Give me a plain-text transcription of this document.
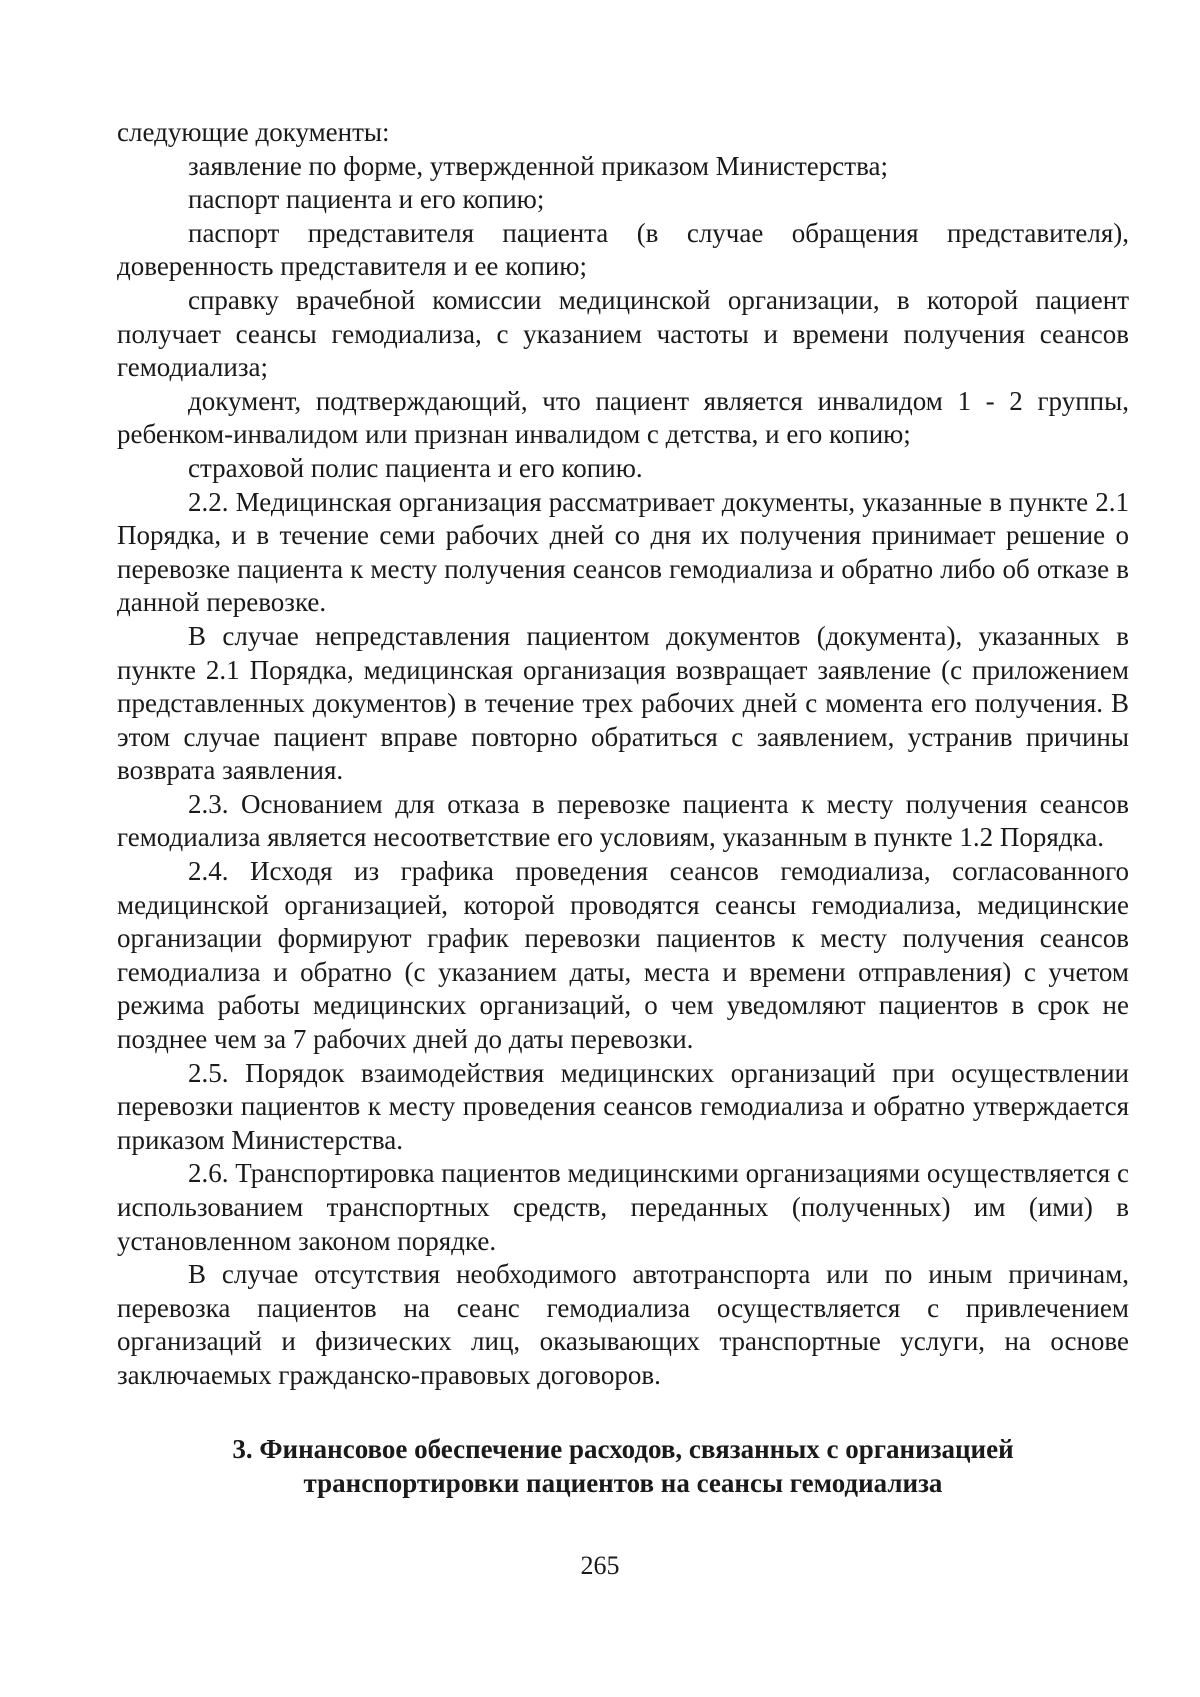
следующие документы:

заявление по форме, утвержденной приказом Министерства;

паспорт пациента и его копию;

паспорт представителя пациента (в случае обращения представителя), доверенность представителя и ее копию;

справку врачебной комиссии медицинской организации, в которой пациент получает сеансы гемодиализа, с указанием частоты и времени получения сеансов гемодиализа;

документ, подтверждающий, что пациент является инвалидом 1 - 2 группы, ребенком-инвалидом или признан инвалидом с детства, и его копию;

страховой полис пациента и его копию.

2.2. Медицинская организация рассматривает документы, указанные в пункте 2.1 Порядка, и в течение семи рабочих дней со дня их получения принимает решение о перевозке пациента к месту получения сеансов гемодиализа и обратно либо об отказе в данной перевозке.

В случае непредставления пациентом документов (документа), указанных в пункте 2.1 Порядка, медицинская организация возвращает заявление (с приложением представленных документов) в течение трех рабочих дней с момента его получения. В этом случае пациент вправе повторно обратиться с заявлением, устранив причины возврата заявления.

2.3. Основанием для отказа в перевозке пациента к месту получения сеансов гемодиализа является несоответствие его условиям, указанным в пункте 1.2 Порядка.

2.4. Исходя из графика проведения сеансов гемодиализа, согласованного медицинской организацией, которой проводятся сеансы гемодиализа, медицинские организации формируют график перевозки пациентов к месту получения сеансов гемодиализа и обратно (с указанием даты, места и времени отправления) с учетом режима работы медицинских организаций, о чем уведомляют пациентов в срок не позднее чем за 7 рабочих дней до даты перевозки.

2.5. Порядок взаимодействия медицинских организаций при осуществлении перевозки пациентов к месту проведения сеансов гемодиализа и обратно утверждается приказом Министерства.

2.6. Транспортировка пациентов медицинскими организациями осуществляется с использованием транспортных средств, переданных (полученных) им (ими) в установленном законом порядке.

В случае отсутствия необходимого автотранспорта или по иным причинам, перевозка пациентов на сеанс гемодиализа осуществляется с привлечением организаций и физических лиц, оказывающих транспортные услуги, на основе заключаемых гражданско-правовых договоров.

3. Финансовое обеспечение расходов, связанных с организацией
транспортировки пациентов на сеансы гемодиализа
265
